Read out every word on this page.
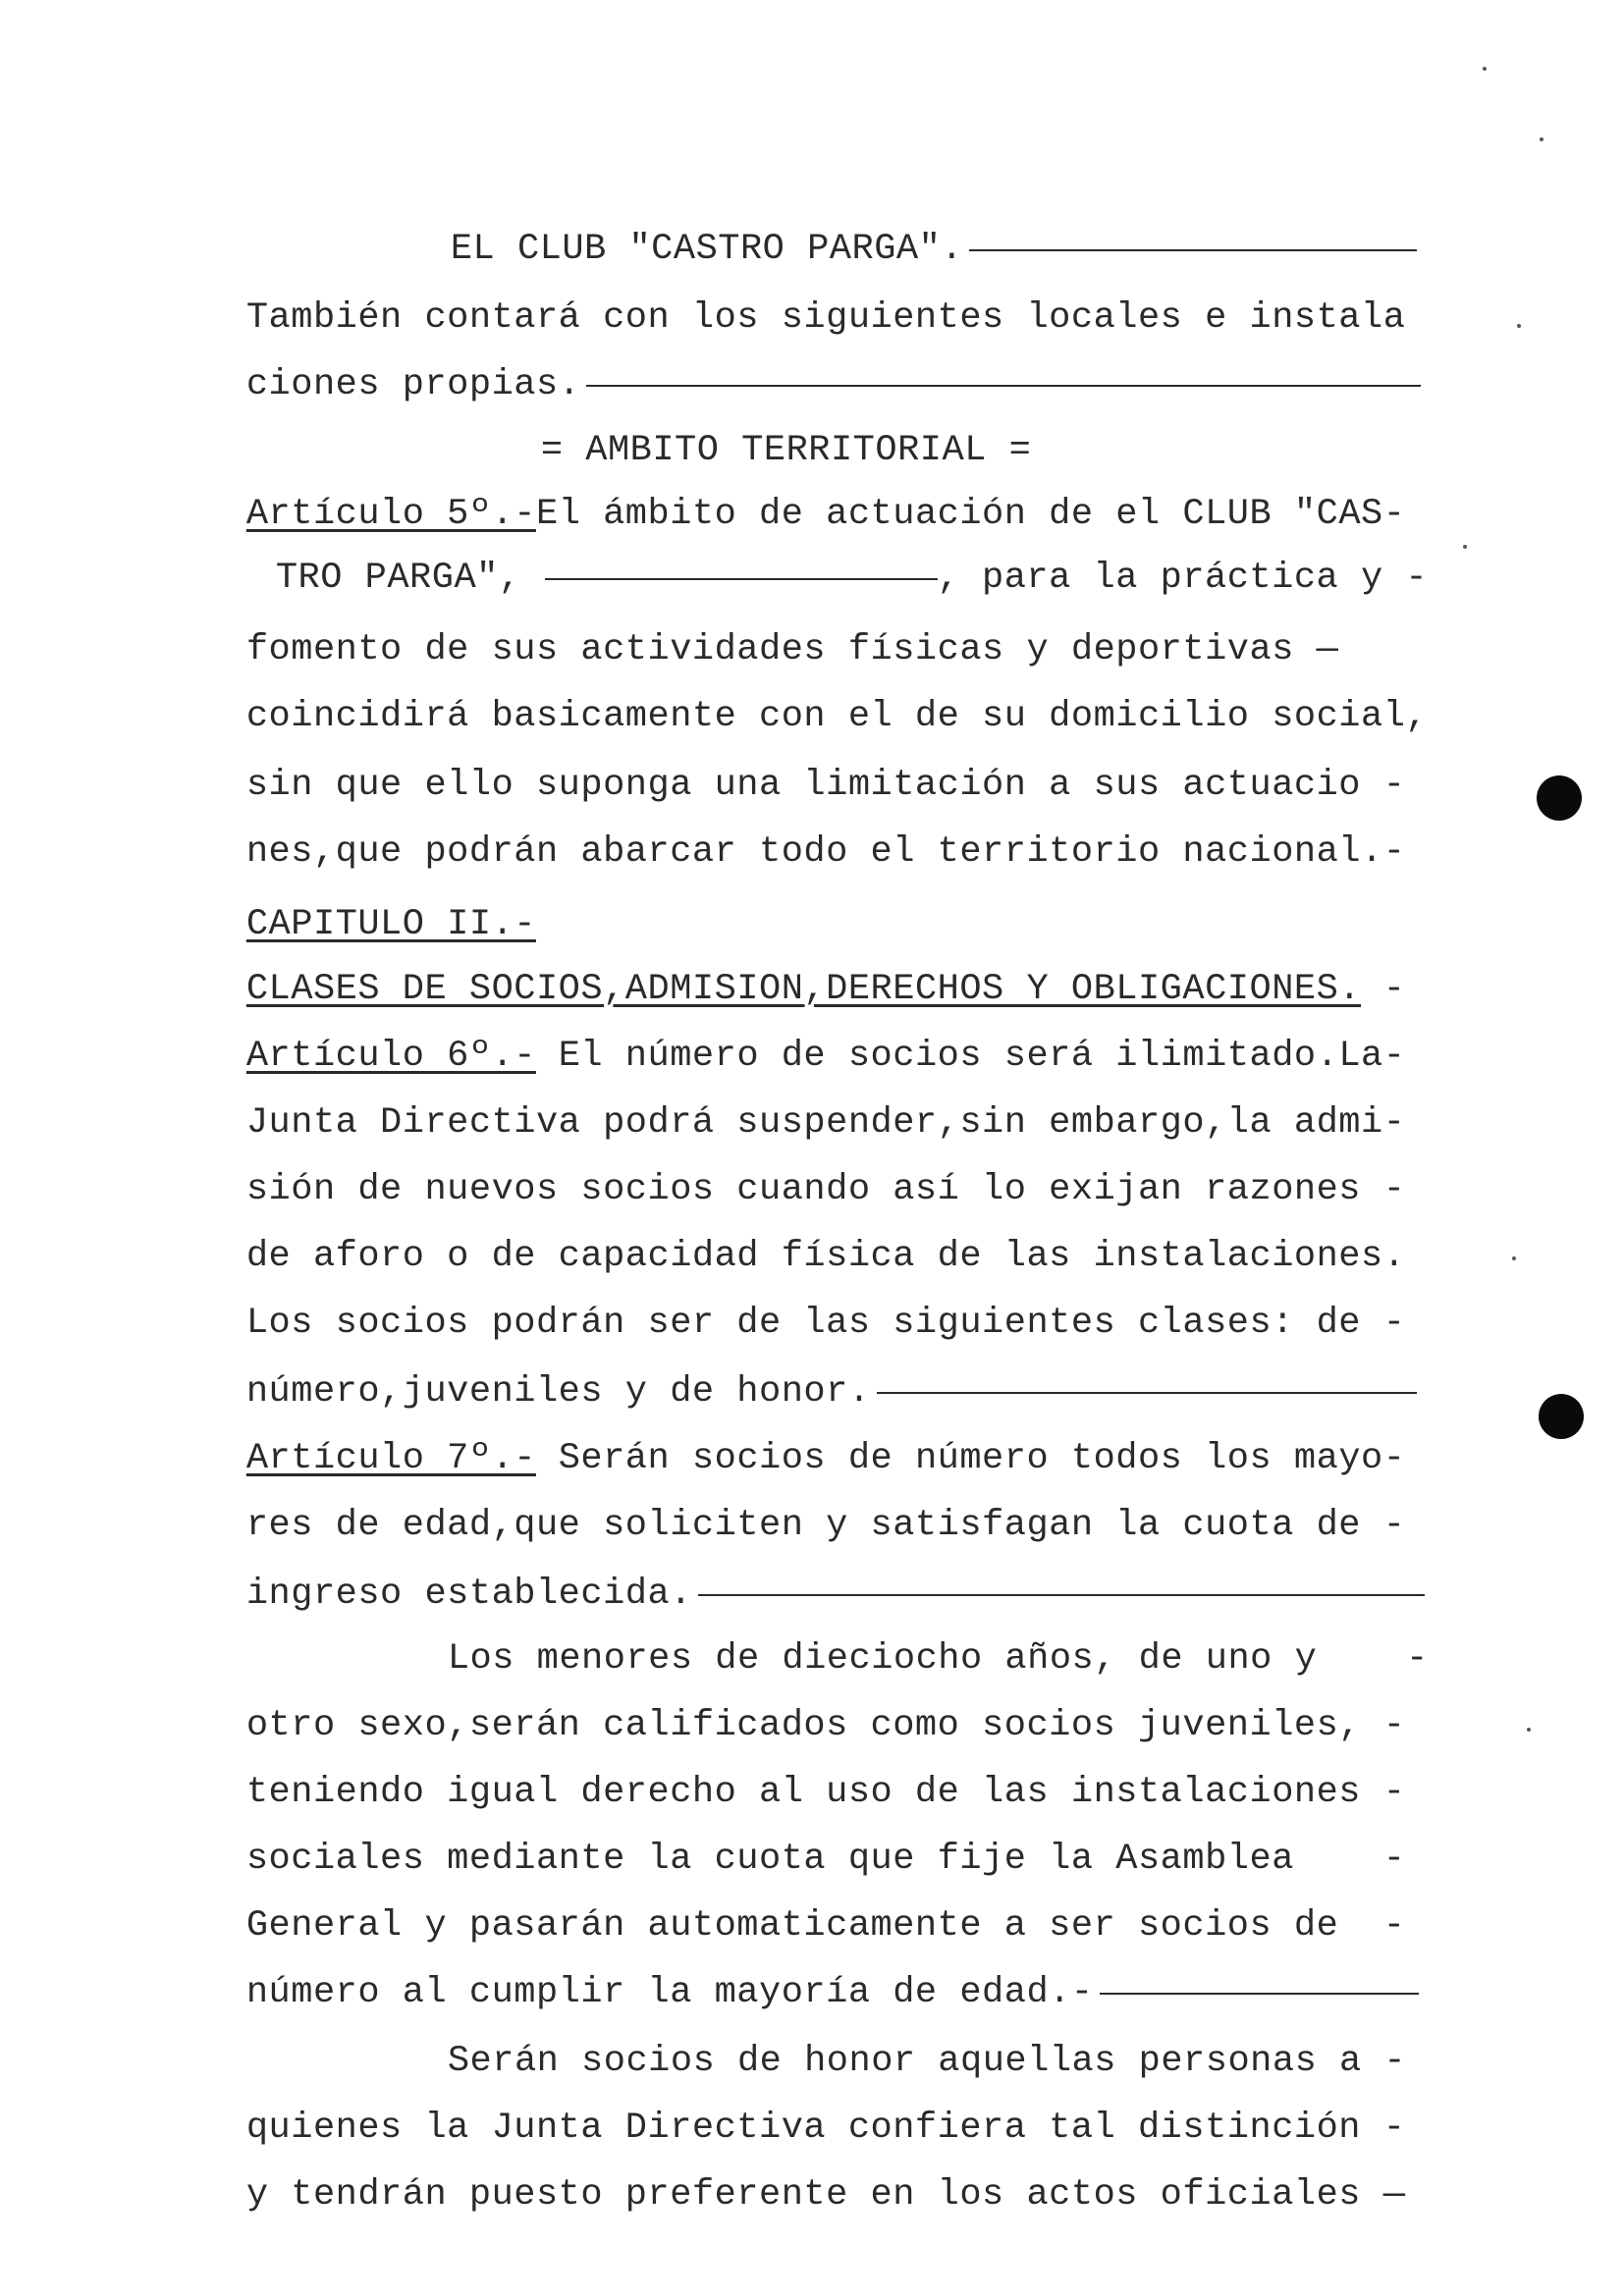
EL CLUB "CASTRO PARGA".

También contará con los siguientes locales e instala

ciones propias.

= AMBITO TERRITORIAL =

Artículo 5º.-El ámbito de actuación de el CLUB "CAS-

TRO PARGA",	, para la práctica y -

fomento de sus actividades físicas y deportivas —

coincidirá basicamente con el de su domicilio social,

sin que ello suponga una limitación a sus actuacio -

nes,que podrán abarcar todo el territorio nacional.-

CAPITULO II.-

CLASES DE SOCIOS,ADMISION,DERECHOS Y OBLIGACIONES. -

Artículo 6º.- El número de socios será ilimitado.La-

Junta Directiva podrá suspender,sin embargo,la admi-

sión de nuevos socios cuando así lo exijan razones -

de aforo o de capacidad física de las instalaciones.

Los socios podrán ser de las siguientes clases: de -

número,juveniles y de honor.

Artículo 7º.- Serán socios de número todos los mayo-

res de edad,que soliciten y satisfagan la cuota de -

ingreso establecida.

Los menores de dieciocho años, de uno y    -

otro sexo,serán calificados como socios juveniles, -

teniendo igual derecho al uso de las instalaciones -

sociales mediante la cuota que fije la Asamblea    -

General y pasarán automaticamente a ser socios de  -

número al cumplir la mayoría de edad.-

Serán socios de honor aquellas personas a -

quienes la Junta Directiva confiera tal distinción -

y tendrán puesto preferente en los actos oficiales —
